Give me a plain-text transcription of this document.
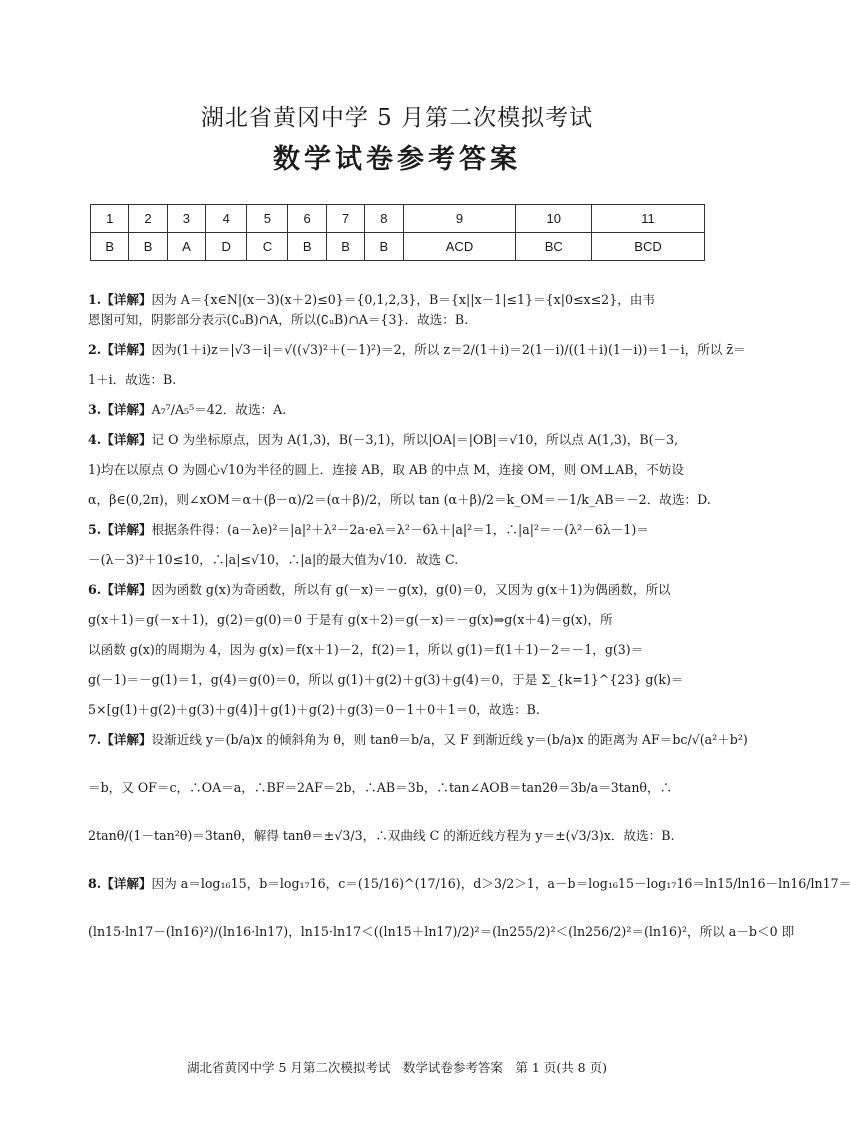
湖北省黄冈中学 5 月第二次模拟考试
数学试卷参考答案
1	2	3	4	5	6	7	8	9	10	11
B	B	A	D	C	B	B	B	ACD	BC	BCD
1.【详解】因为 A＝{x∈N|(x－3)(x＋2)≤0}＝{0,1,2,3}，B＝{x||x－1|≤1}＝{x|0≤x≤2}，由韦
恩图可知，阴影部分表示(∁ᵤB)∩A，所以(∁ᵤB)∩A＝{3}．故选：B.
2.【详解】因为(1＋i)z＝|√3－i|＝√((√3)²＋(－1)²)＝2，所以 z＝2/(1＋i)＝2(1－i)/((1＋i)(1－i))＝1－i，所以 z̄＝
1＋i．故选：B.
3.【详解】A₇⁷/A₅⁵＝42．故选：A.
4.【详解】记 O 为坐标原点，因为 A(1,3)，B(－3,1)，所以|OA|＝|OB|＝√10，所以点 A(1,3)，B(－3,
1)均在以原点 O 为圆心√10为半径的圆上．连接 AB，取 AB 的中点 M，连接 OM，则 OM⊥AB，不妨设
α，β∈(0,2π)，则∠xOM＝α＋(β－α)/2＝(α＋β)/2，所以 tan (α＋β)/2＝k_OM＝－1/k_AB＝－2．故选：D.
5.【详解】根据条件得：(a－λe)²＝|a|²＋λ²－2a·eλ＝λ²－6λ＋|a|²＝1，∴|a|²＝－(λ²－6λ－1)＝
－(λ－3)²＋10≤10，∴|a|≤√10，∴|a|的最大值为√10．故选 C.
6.【详解】因为函数 g(x)为奇函数，所以有 g(－x)＝－g(x)，g(0)＝0，又因为 g(x＋1)为偶函数，所以
g(x＋1)＝g(－x＋1)，g(2)＝g(0)＝0 于是有 g(x＋2)＝g(－x)＝－g(x)⇒g(x＋4)＝g(x)，所
以函数 g(x)的周期为 4，因为 g(x)＝f(x＋1)－2，f(2)＝1，所以 g(1)＝f(1＋1)－2＝－1，g(3)＝
g(－1)＝－g(1)＝1，g(4)＝g(0)＝0，所以 g(1)＋g(2)＋g(3)＋g(4)＝0，于是 Σ_{k=1}^{23} g(k)＝
5×[g(1)＋g(2)＋g(3)＋g(4)]＋g(1)＋g(2)＋g(3)＝0－1＋0＋1＝0，故选：B.
7.【详解】设渐近线 y＝(b/a)x 的倾斜角为 θ，则 tanθ＝b/a，又 F 到渐近线 y＝(b/a)x 的距离为 AF＝bc/√(a²＋b²)
＝b，又 OF＝c，∴OA＝a，∴BF＝2AF＝2b，∴AB＝3b，∴tan∠AOB＝tan2θ＝3b/a＝3tanθ，∴
2tanθ/(1－tan²θ)＝3tanθ，解得 tanθ＝±√3/3，∴双曲线 C 的渐近线方程为 y＝±(√3/3)x．故选：B.
8.【详解】因为 a＝log₁₆15，b＝log₁₇16，c＝(15/16)^(17/16)，d＞3/2＞1，a－b＝log₁₆15－log₁₇16＝ln15/ln16－ln16/ln17＝
(ln15·ln17－(ln16)²)/(ln16·ln17)，ln15·ln17＜((ln15＋ln17)/2)²＝(ln255/2)²＜(ln256/2)²＝(ln16)²，所以 a－b＜0 即
湖北省黄冈中学 5 月第二次模拟考试　数学试卷参考答案　第 1 页(共 8 页)
